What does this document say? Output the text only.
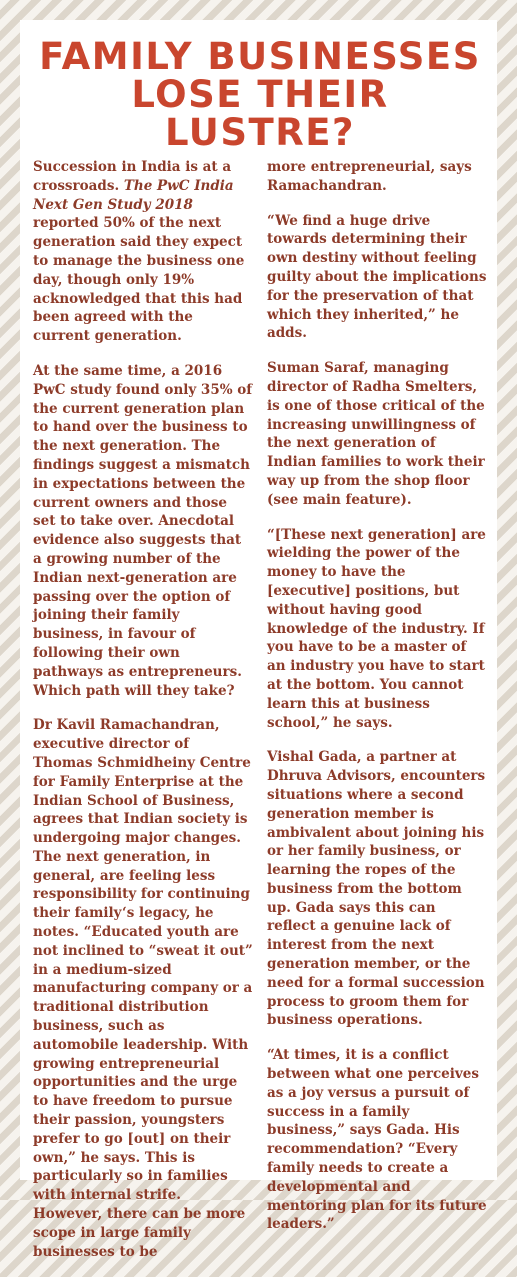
FAMILY BUSINESSES
LOSE THEIR LUSTRE?

Succession in India is at a crossroads. The PwC India Next Gen Study 2018 reported 50% of the next generation said they expect to manage the business one day, though only 19% acknowledged that this had been agreed with the current generation.

At the same time, a 2016 PwC study found only 35% of the current generation plan to hand over the business to the next generation. The findings suggest a mismatch in expectations between the current owners and those set to take over. Anecdotal evidence also suggests that a growing number of the Indian next-generation are passing over the option of joining their family business, in favour of following their own pathways as entrepreneurs. Which path will they take?

Dr Kavil Ramachandran, executive director of Thomas Schmidheiny Centre for Family Enterprise at the Indian School of Business, agrees that Indian society is undergoing major changes. The next generation, in general, are feeling less responsibility for continuing their family‘s legacy, he notes. “Educated youth are not inclined to “sweat it out” in a medium-sized manufacturing company or a traditional distribution business, such as automobile leadership. With growing entrepreneurial opportunities and the urge to have freedom to pursue their passion, youngsters prefer to go [out] on their own,” he says. This is particularly so in families with internal strife. However, there can be more scope in large family businesses to be

more entrepreneurial, says Ramachandran.

“We find a huge drive towards determining their own destiny without feeling guilty about the implications for the preservation of that which they inherited,” he adds.

Suman Saraf, managing director of Radha Smelters, is one of those critical of the increasing unwillingness of the next generation of Indian families to work their way up from the shop floor (see main feature).

“[These next generation] are wielding the power of the money to have the [executive] positions, but without having good knowledge of the industry. If you have to be a master of an industry you have to start at the bottom. You cannot learn this at business school,” he says.

Vishal Gada, a partner at Dhruva Advisors, encounters situations where a second generation member is ambivalent about joining his or her family business, or learning the ropes of the business from the bottom up. Gada says this can reflect a genuine lack of interest from the next generation member, or the need for a formal succession process to groom them for business operations.

“At times, it is a conflict between what one perceives as a joy versus a pursuit of success in a family business,” says Gada. His recommendation? “Every family needs to create a developmental and mentoring plan for its future leaders.”
